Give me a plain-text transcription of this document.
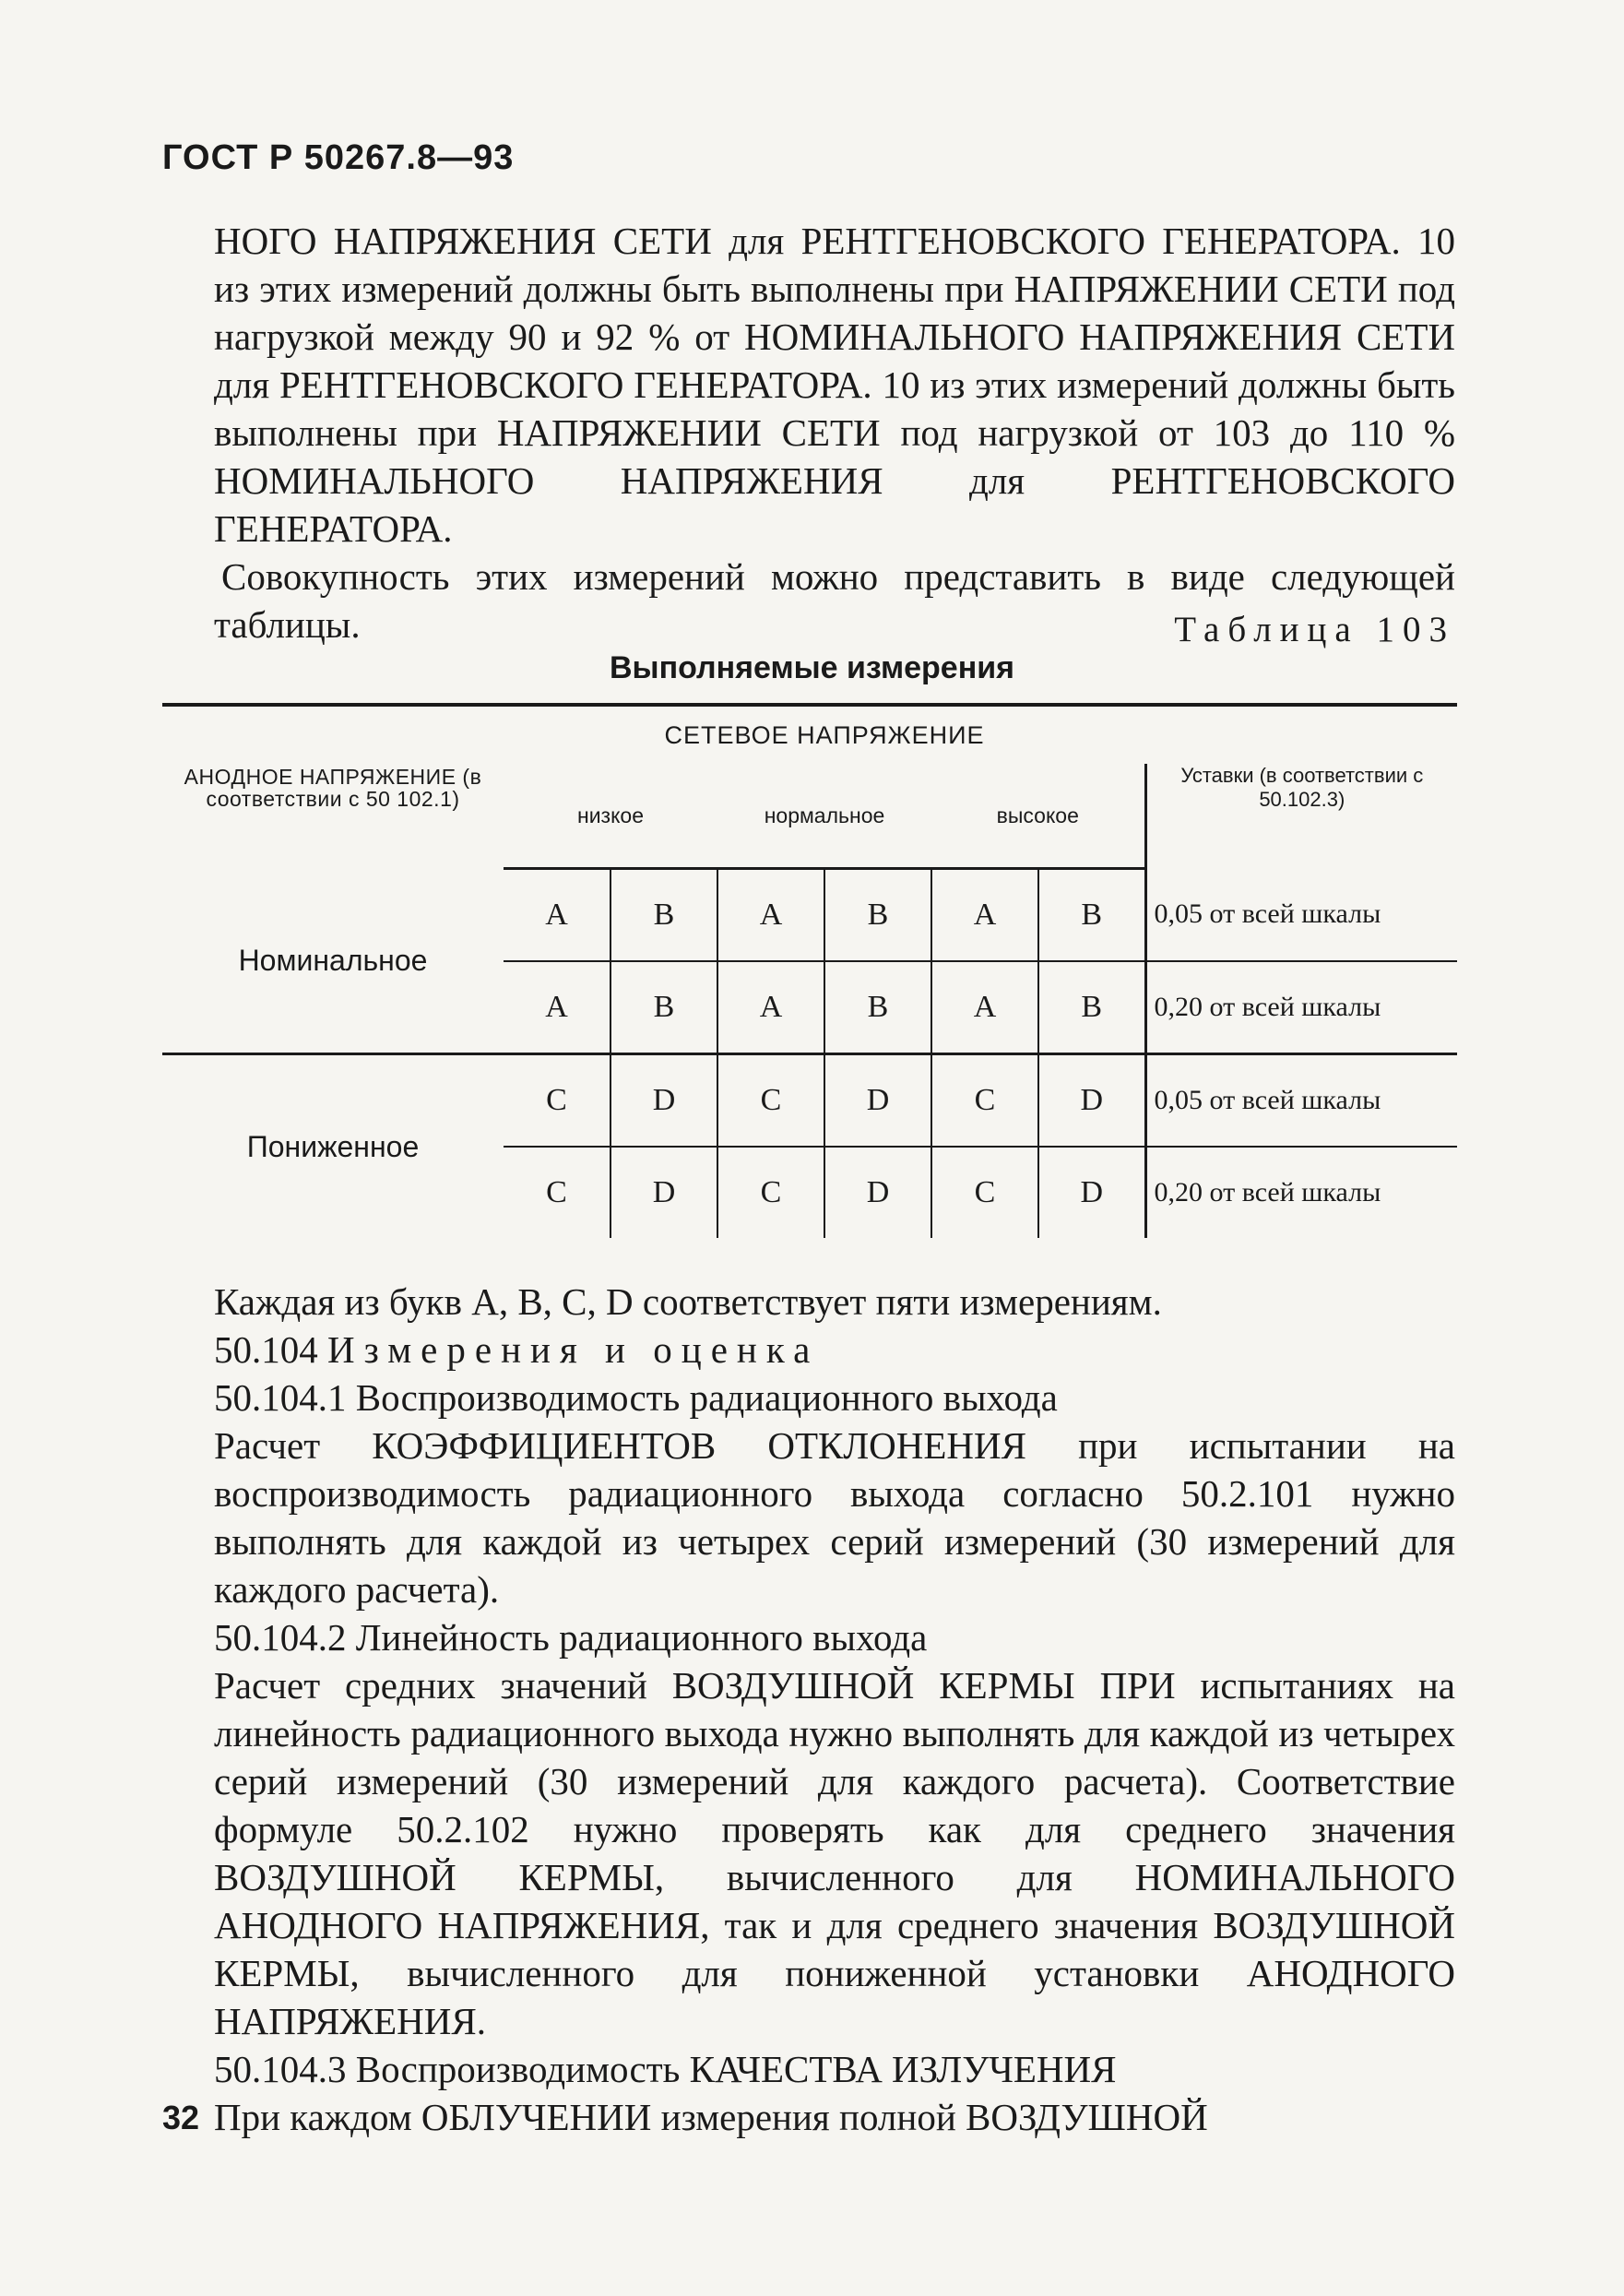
ГОСТ Р 50267.8—93

НОГО НАПРЯЖЕНИЯ СЕТИ для РЕНТГЕНОВСКОГО ГЕНЕРАТОРА. 10 из этих измерений должны быть выполнены при НАПРЯЖЕНИИ СЕТИ под нагрузкой между 90 и 92 % от НОМИНАЛЬНОГО НАПРЯЖЕНИЯ СЕТИ для РЕНТГЕНОВСКОГО ГЕНЕРАТОРА. 10 из этих измерений должны быть выполнены при НАПРЯЖЕНИИ СЕТИ под нагрузкой от 103 до 110 % НОМИНАЛЬНОГО НАПРЯЖЕНИЯ для РЕНТГЕНОВСКОГО ГЕНЕРАТОРА.

Совокупность этих измерений можно представить в виде следующей таблицы.	Таблица 103
Выполняемые измерения
АНОДНОЕ НАПРЯЖЕНИЕ (в соответствии с 50 102.1)	СЕТЕВОЕ НАПРЯЖЕНИЕ						Уставки (в соответствии с 50.102.3)
	низкое		нормальное		высокое		
Номинальное	A	B	A	B	A	B	0,05 от всей шкалы
	A	B	A	B	A	B	0,20 от всей шкалы
Пониженное	C	D	C	D	C	D	0,05 от всей шкалы
	C	D	C	D	C	D	0,20 от всей шкалы

Каждая из букв А, В, С, D соответствует пяти измерениям.

50.104 Измерения и оценка

50.104.1 Воспроизводимость радиационного выхода

Расчет КОЭФФИЦИЕНТОВ ОТКЛОНЕНИЯ при испытании на воспроизводимость радиационного выхода согласно 50.2.101 нужно выполнять для каждой из четырех серий измерений (30 измерений для каждого расчета).

50.104.2 Линейность радиационного выхода

Расчет средних значений ВОЗДУШНОЙ КЕРМЫ ПРИ испытаниях на линейность радиационного выхода нужно выполнять для каждой из четырех серий измерений (30 измерений для каждого расчета). Соответствие формуле 50.2.102 нужно проверять как для среднего значения ВОЗДУШНОЙ КЕРМЫ, вычисленного для НОМИНАЛЬНОГО АНОДНОГО НАПРЯЖЕНИЯ, так и для среднего значения ВОЗДУШНОЙ КЕРМЫ, вычисленного для пониженной установки АНОДНОГО НАПРЯЖЕНИЯ.

50.104.3 Воспроизводимость КАЧЕСТВА ИЗЛУЧЕНИЯ

При каждом ОБЛУЧЕНИИ измерения полной ВОЗДУШНОЙ

32
